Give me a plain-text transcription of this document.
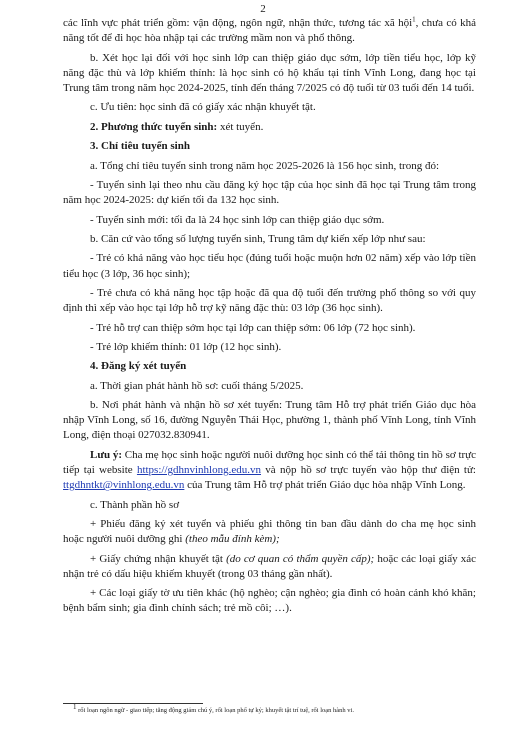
2

các lĩnh vực phát triển gồm: vận động, ngôn ngữ, nhận thức, tương tác xã hội$^1$, chưa có khả năng tốt để đi học hòa nhập tại các trường mầm non và phổ thông.

b. Xét học lại đối với học sinh lớp can thiệp giáo dục sớm, lớp tiền tiểu học, lớp kỹ năng đặc thù và lớp khiếm thính: là học sinh có hộ khẩu tại tỉnh Vĩnh Long, đang học tại Trung tâm trong năm học 2024-2025, tính đến tháng 7/2025 có độ tuổi từ 03 tuổi đến 14 tuổi.

c. Ưu tiên: học sinh đã có giấy xác nhận khuyết tật.

2. Phương thức tuyển sinh: xét tuyển.

3. Chỉ tiêu tuyển sinh

a. Tổng chỉ tiêu tuyển sinh trong năm học 2025-2026 là 156 học sinh, trong đó:

- Tuyển sinh lại theo nhu cầu đăng ký học tập của học sinh đã học tại Trung tâm trong năm học 2024-2025: dự kiến tối đa 132 học sinh.

- Tuyển sinh mới: tối đa là 24 học sinh lớp can thiệp giáo dục sớm.

b. Căn cứ vào tổng số lượng tuyển sinh, Trung tâm dự kiến xếp lớp như sau:

- Trẻ có khả năng vào học tiểu học (đúng tuổi hoặc muộn hơn 02 năm) xếp vào lớp tiền tiểu học (3 lớp, 36 học sinh);

- Trẻ chưa có khả năng học tập hoặc đã qua độ tuổi đến trường phổ thông so với quy định thì xếp vào học tại lớp hỗ trợ kỹ năng đặc thù: 03 lớp (36 học sinh).

- Trẻ hỗ trợ can thiệp sớm học tại lớp can thiệp sớm: 06 lớp (72 học sinh).

- Trẻ lớp khiếm thính: 01 lớp (12 học sinh).

4. Đăng ký xét tuyển

a. Thời gian phát hành hồ sơ: cuối tháng 5/2025.

b. Nơi phát hành và nhận hồ sơ xét tuyển: Trung tâm Hỗ trợ phát triển Giáo dục hòa nhập Vĩnh Long, số 16, đường Nguyễn Thái Học, phường 1, thành phố Vĩnh Long, tỉnh Vĩnh Long, điện thoại 027032.830941.

Lưu ý: Cha mẹ học sinh hoặc người nuôi dưỡng học sinh có thể tải thông tin hồ sơ trực tiếp tại website https://gdhnvinhlong.edu.vn và nộp hồ sơ trực tuyến vào hộp thư điện tử: ttgdhntkt@vinhlong.edu.vn của Trung tâm Hỗ trợ phát triển Giáo dục hòa nhập Vĩnh Long.

c. Thành phần hồ sơ

+ Phiếu đăng ký xét tuyển và phiếu ghi thông tin ban đầu dành do cha mẹ học sinh hoặc người nuôi dưỡng ghi (theo mẫu đính kèm);

+ Giấy chứng nhận khuyết tật (do cơ quan có thẩm quyền cấp); hoặc các loại giấy xác nhận trẻ có dấu hiệu khiếm khuyết (trong 03 tháng gần nhất).

+ Các loại giấy tờ ưu tiên khác (hộ nghèo; cận nghèo; gia đình có hoàn cảnh khó khăn; bệnh bẩm sinh; gia đình chính sách; trẻ mồ côi; …).

$^1$ rối loạn ngôn ngữ - giao tiếp; tăng động giảm chú ý, rối loạn phổ tự kỷ; khuyết tật trí tuệ, rối loạn hành vi.
